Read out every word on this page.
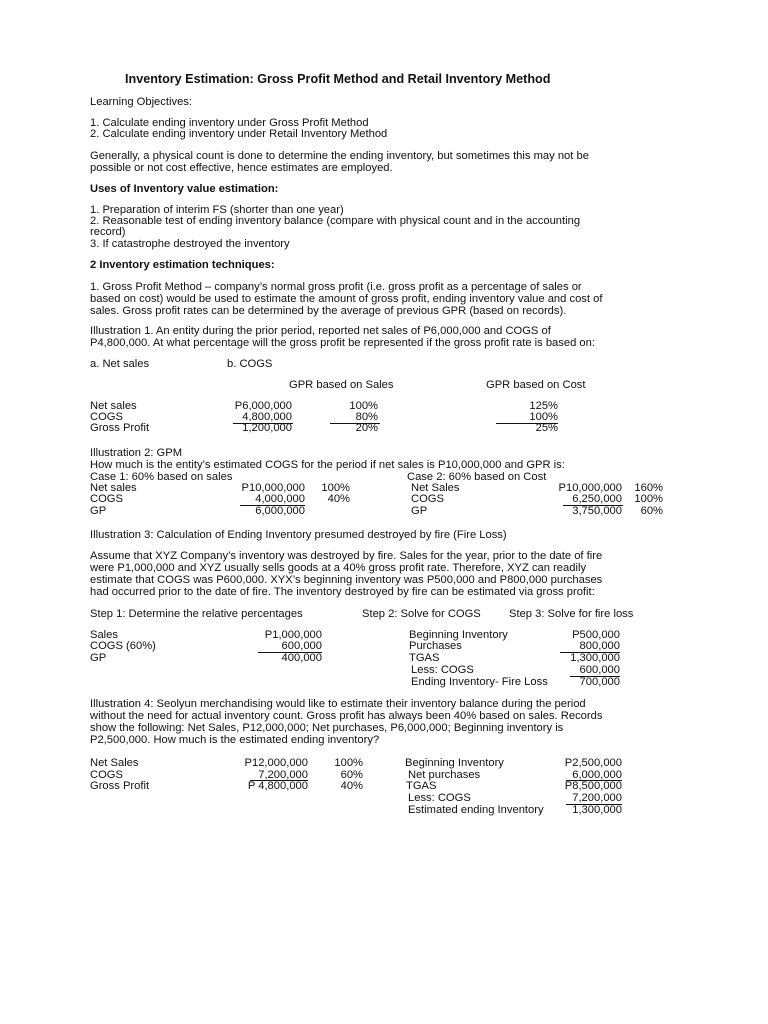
Inventory Estimation: Gross Profit Method and Retail Inventory Method
Learning Objectives:
1. Calculate ending inventory under Gross Profit Method
2. Calculate ending inventory under Retail Inventory Method
Generally, a physical count is done to determine the ending inventory, but sometimes this may not be
possible or not cost effective, hence estimates are employed.
Uses of Inventory value estimation:
1. Preparation of interim FS (shorter than one year)
2. Reasonable test of ending inventory balance (compare with physical count and in the accounting
record)
3. If catastrophe destroyed the inventory
2 Inventory estimation techniques:
1. Gross Profit Method – company’s normal gross profit (i.e. gross profit as a percentage of sales or
based on cost) would be used to estimate the amount of gross profit, ending inventory value and cost of
sales. Gross profit rates can be determined by the average of previous GPR (based on records).
Illustration 1. An entity during the prior period, reported net sales of P6,000,000 and COGS of
P4,800,000. At what percentage will the gross profit be represented if the gross profit rate is based on:
a. Net sales	b. COGS
GPR based on Sales	GPR based on Cost
Net sales	P6,000,000	100%	125%
COGS	4,800,000	80%	100%
Gross Profit	1,200,000	20%	25%
Illustration 2: GPM
How much is the entity’s estimated COGS for the period if net sales is P10,000,000 and GPR is:
Case 1: 60% based on sales	Case 2: 60% based on Cost
Net sales	P10,000,000	100%
COGS	4,000,000	40%
GP	6,000,000
Net Sales	P10,000,000	160%
COGS	6,250,000	100%
GP	3,750,000	60%
Illustration 3: Calculation of Ending Inventory presumed destroyed by fire (Fire Loss)
Assume that XYZ Company’s inventory was destroyed by fire. Sales for the year, prior to the date of fire
were P1,000,000 and XYZ usually sells goods at a 40% gross profit rate. Therefore, XYZ can readily
estimate that COGS was P600,000. XYX’s beginning inventory was P500,000 and P800,000 purchases
had occurred prior to the date of fire. The inventory destroyed by fire can be estimated via gross profit:
Step 1: Determine the relative percentages	Step 2: Solve for COGS	Step 3: Solve for fire loss
Sales	P1,000,000
COGS (60%)	600,000
GP	400,000
Beginning Inventory	P500,000
Purchases	800,000
TGAS	1,300,000
Less: COGS	600,000
Ending Inventory- Fire Loss	700,000
Illustration 4: Seolyun merchandising would like to estimate their inventory balance during the period
without the need for actual inventory count. Gross profit has always been 40% based on sales. Records
show the following: Net Sales, P12,000,000; Net purchases, P6,000,000; Beginning inventory is
P2,500,000. How much is the estimated ending inventory?
Net Sales	P12,000,000	100%
COGS	7,200,000	60%
Gross Profit	P 4,800,000	40%
Beginning Inventory	P2,500,000
Net purchases	6,000,000
TGAS	P8,500,000
Less: COGS	7,200,000
Estimated ending Inventory	1,300,000
